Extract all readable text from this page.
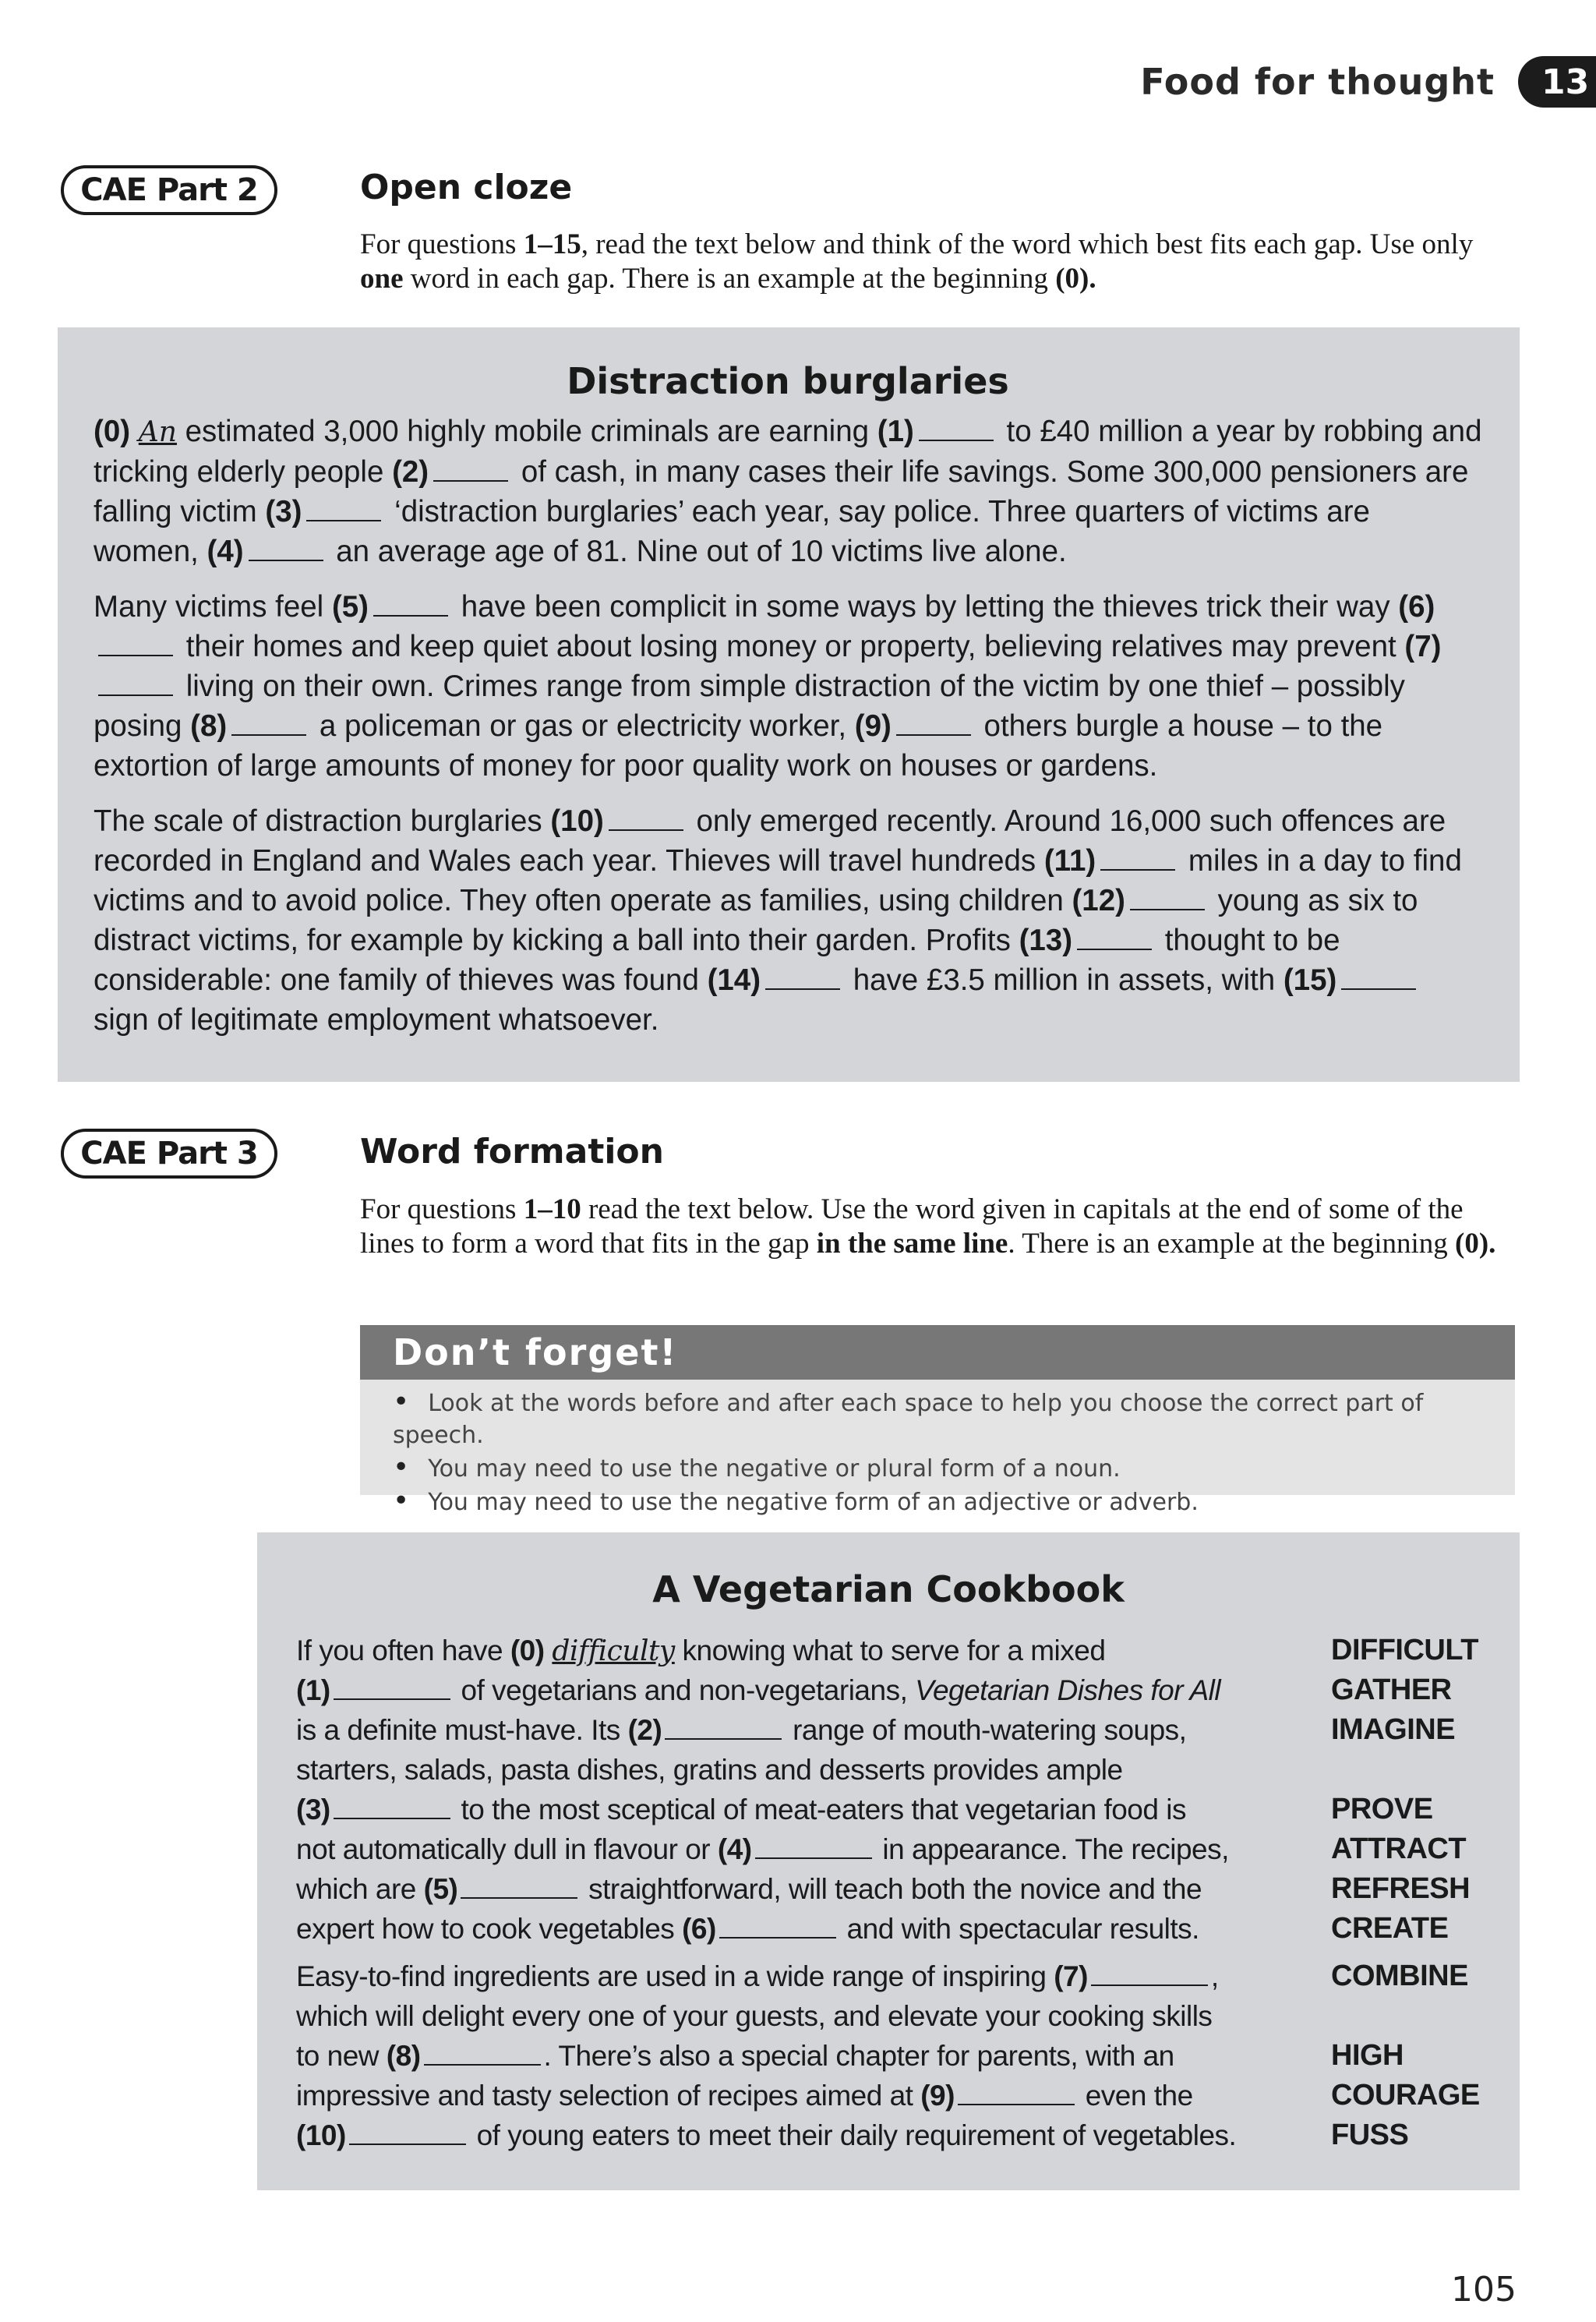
Food for thought	13
CAE Part 2	Open cloze

For questions 1–15, read the text below and think of the word which best fits each gap. Use only one word in each gap. There is an example at the beginning (0).

Distraction burglaries

(0) An estimated 3,000 highly mobile criminals are earning (1)	to £40 million a year by robbing and tricking elderly people (2)	of cash, in many cases their life savings. Some 300,000 pensioners are falling victim (3)	‘distraction burglaries’ each year, say police. Three quarters of victims are women, (4)	an average age of 81. Nine out of 10 victims live alone.

Many victims feel (5)	have been complicit in some ways by letting the thieves trick their way (6) their homes and keep quiet about losing money or property, believing relatives may prevent (7) living on their own. Crimes range from simple distraction of the victim by one thief – possibly posing (8)	a policeman or gas or electricity worker, (9)	others burgle a house – to the extortion of large amounts of money for poor quality work on houses or gardens.

The scale of distraction burglaries (10)	only emerged recently. Around 16,000 such offences are recorded in England and Wales each year. Thieves will travel hundreds (11)	miles in a day to find victims and to avoid police. They often operate as families, using children (12)	young as six to distract victims, for example by kicking a ball into their garden. Profits (13)	thought to be considerable: one family of thieves was found (14)	have £3.5 million in assets, with (15) sign of legitimate employment whatsoever.

CAE Part 3	Word formation

For questions 1–10 read the text below. Use the word given in capitals at the end of some of the lines to form a word that fits in the gap in the same line. There is an example at the beginning (0).

Don’t forget!
• Look at the words before and after each space to help you choose the correct part of speech.
• You may need to use the negative or plural form of a noun.
• You may need to use the negative form of an adjective or adverb.
A Vegetarian Cookbook
If you often have (0) difficulty knowing what to serve for a mixed	DIFFICULT
(1)	of vegetarians and non-vegetarians, Vegetarian Dishes for All	GATHER
is a definite must-have. Its (2)	range of mouth-watering soups,	IMAGINE
starters, salads, pasta dishes, gratins and desserts provides ample
(3)	to the most sceptical of meat-eaters that vegetarian food is	PROVE
not automatically dull in flavour or (4)	in appearance. The recipes,	ATTRACT
which are (5)	straightforward, will teach both the novice and the	REFRESH
expert how to cook vegetables (6)	and with spectacular results.	CREATE
Easy-to-find ingredients are used in a wide range of inspiring (7)	,	COMBINE
which will delight every one of your guests, and elevate your cooking skills
to new (8)	. There’s also a special chapter for parents, with an	HIGH
impressive and tasty selection of recipes aimed at (9)	even the	COURAGE
(10)	of young eaters to meet their daily requirement of vegetables.	FUSS
105
